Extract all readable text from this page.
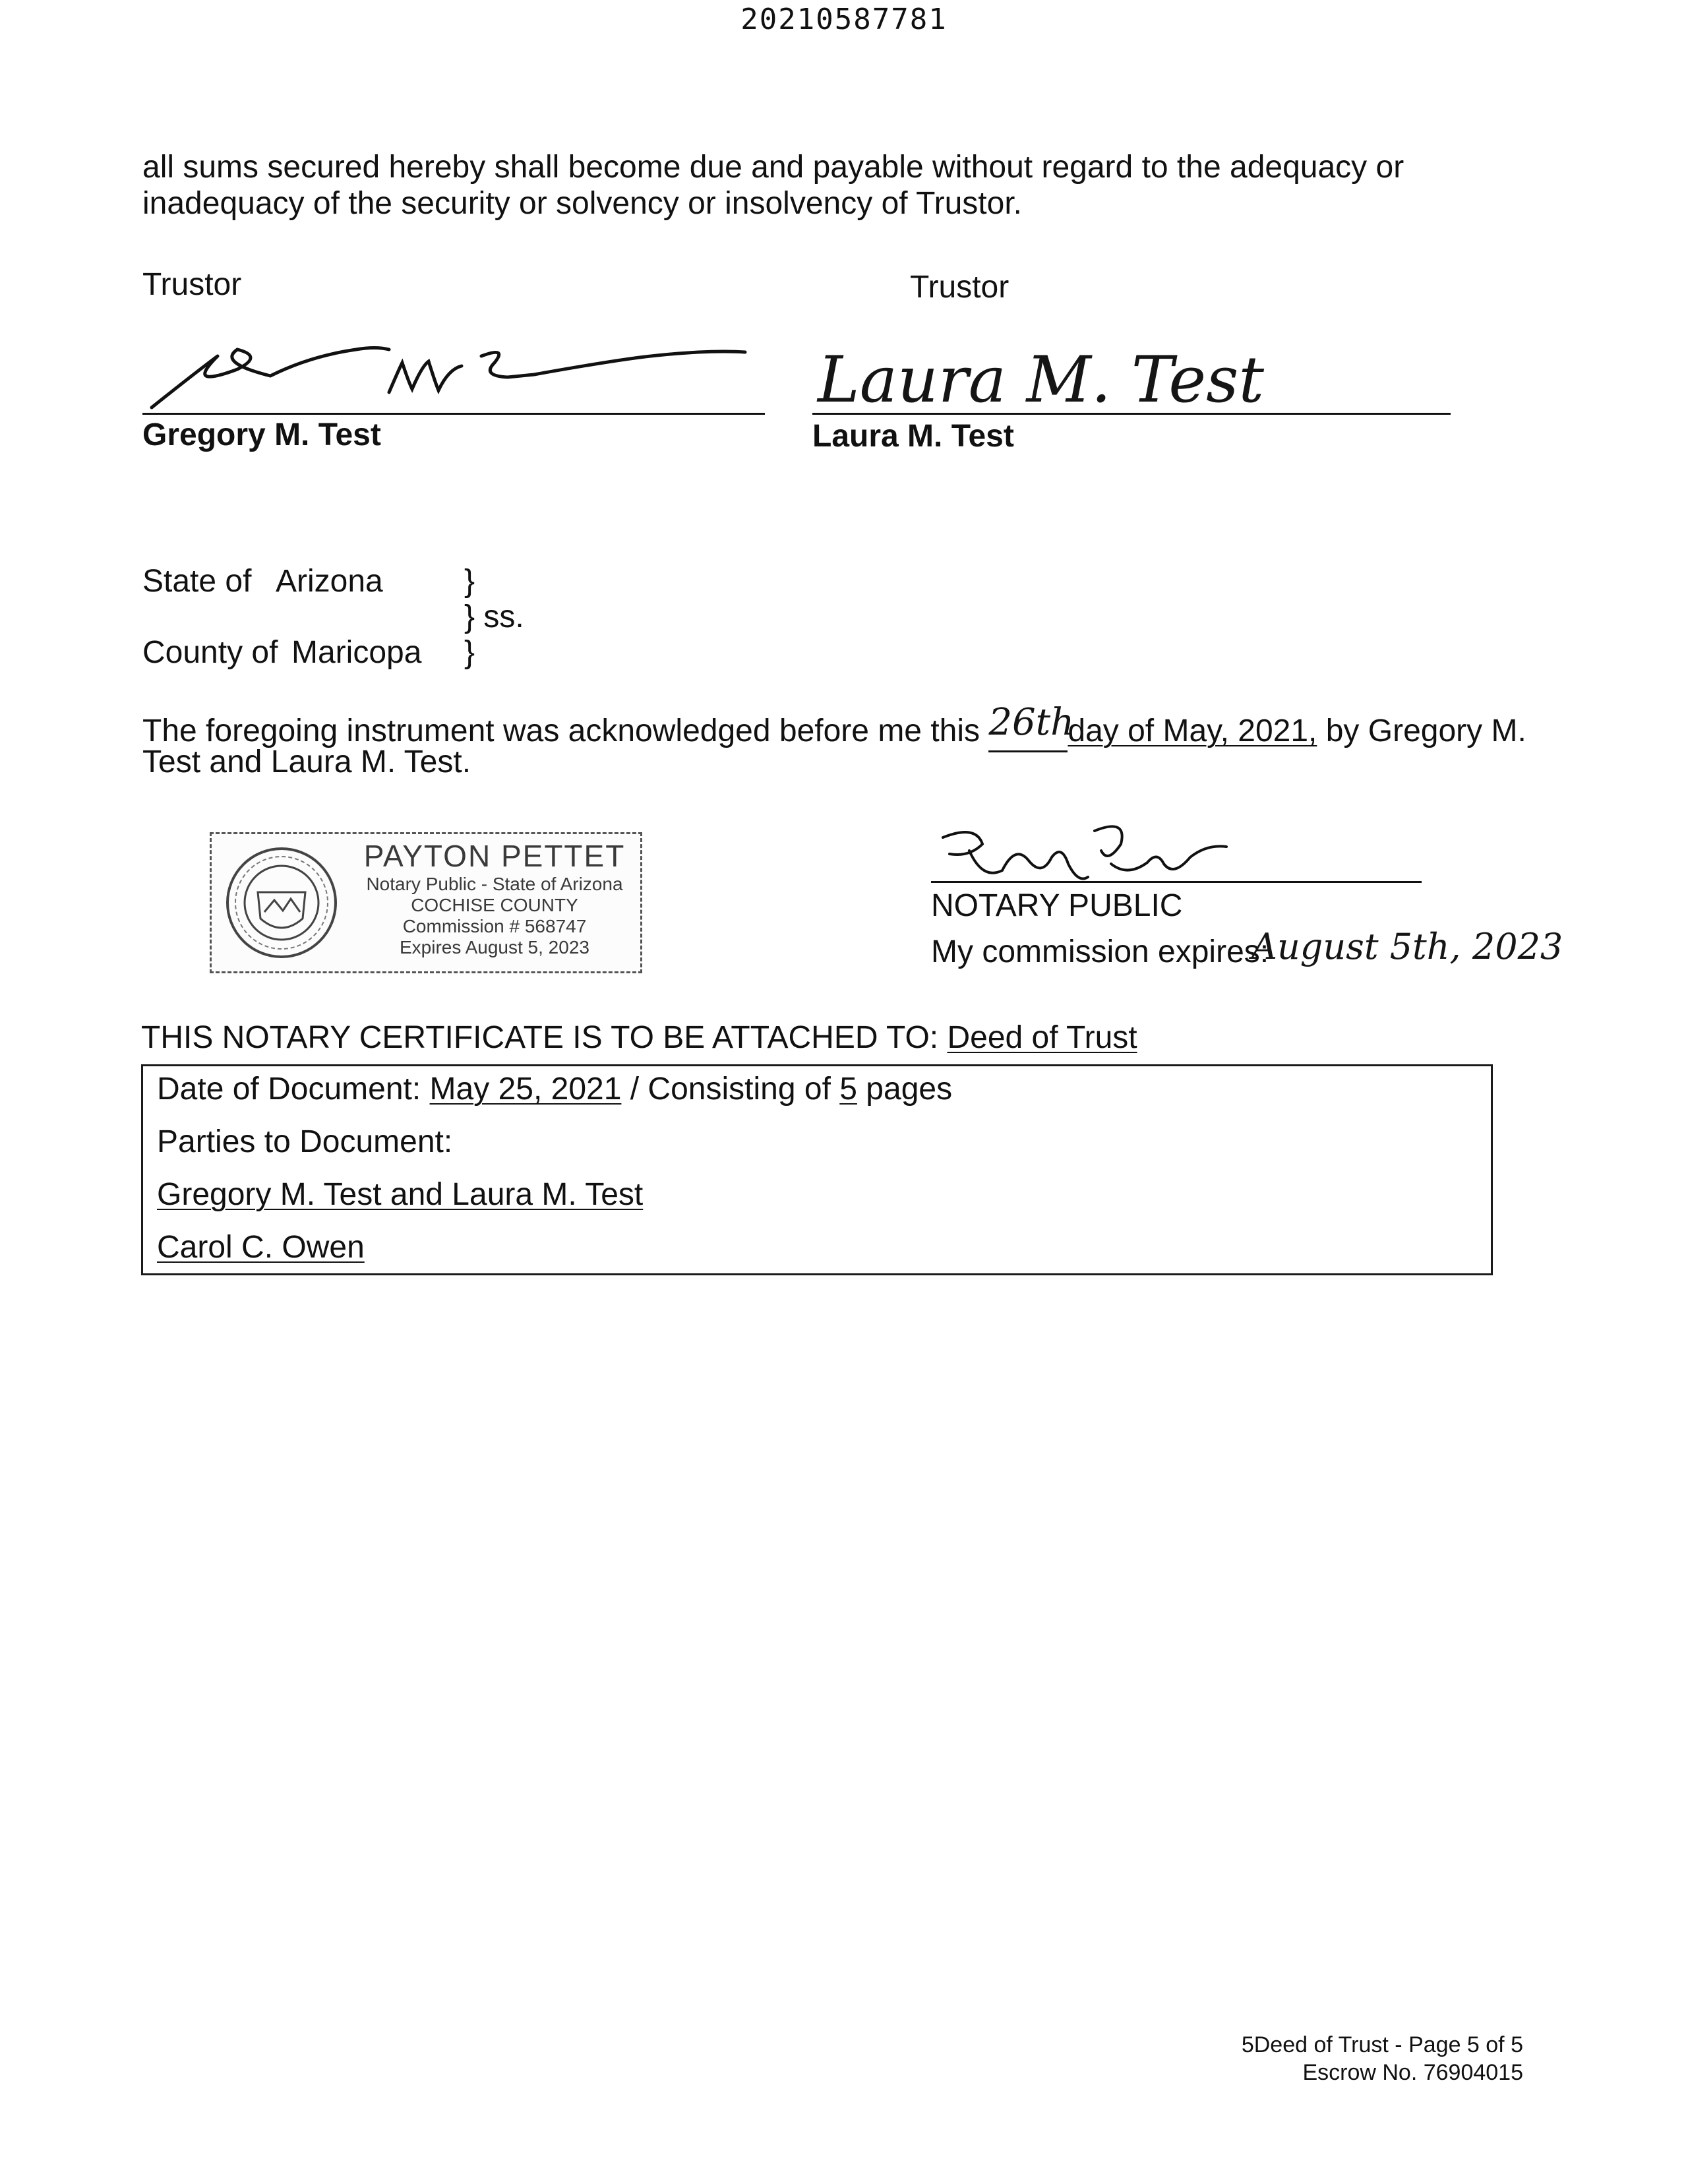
20210587781
all sums secured hereby shall become due and payable without regard to the adequacy or inadequacy of the security or solvency or insolvency of Trustor.
Trustor	Trustor
Gregory M. Test
Laura M. Test
Laura M. Test
State of Arizona	}
} ss.
}
County of Maricopa
The foregoing instrument was acknowledged before me this 26thday of May, 2021, by Gregory M.
Test and Laura M. Test.
PAYTON PETTET
Notary Public - State of Arizona
COCHISE COUNTY
Commission # 568747
Expires August 5, 2023
NOTARY PUBLIC
My commission expires:
August 5th, 2023
THIS NOTARY CERTIFICATE IS TO BE ATTACHED TO: Deed of Trust
Date of Document: May 25, 2021 / Consisting of 5 pages
Parties to Document:
Gregory M. Test and Laura M. Test
Carol C. Owen
5Deed of Trust - Page 5 of 5
Escrow No. 76904015
